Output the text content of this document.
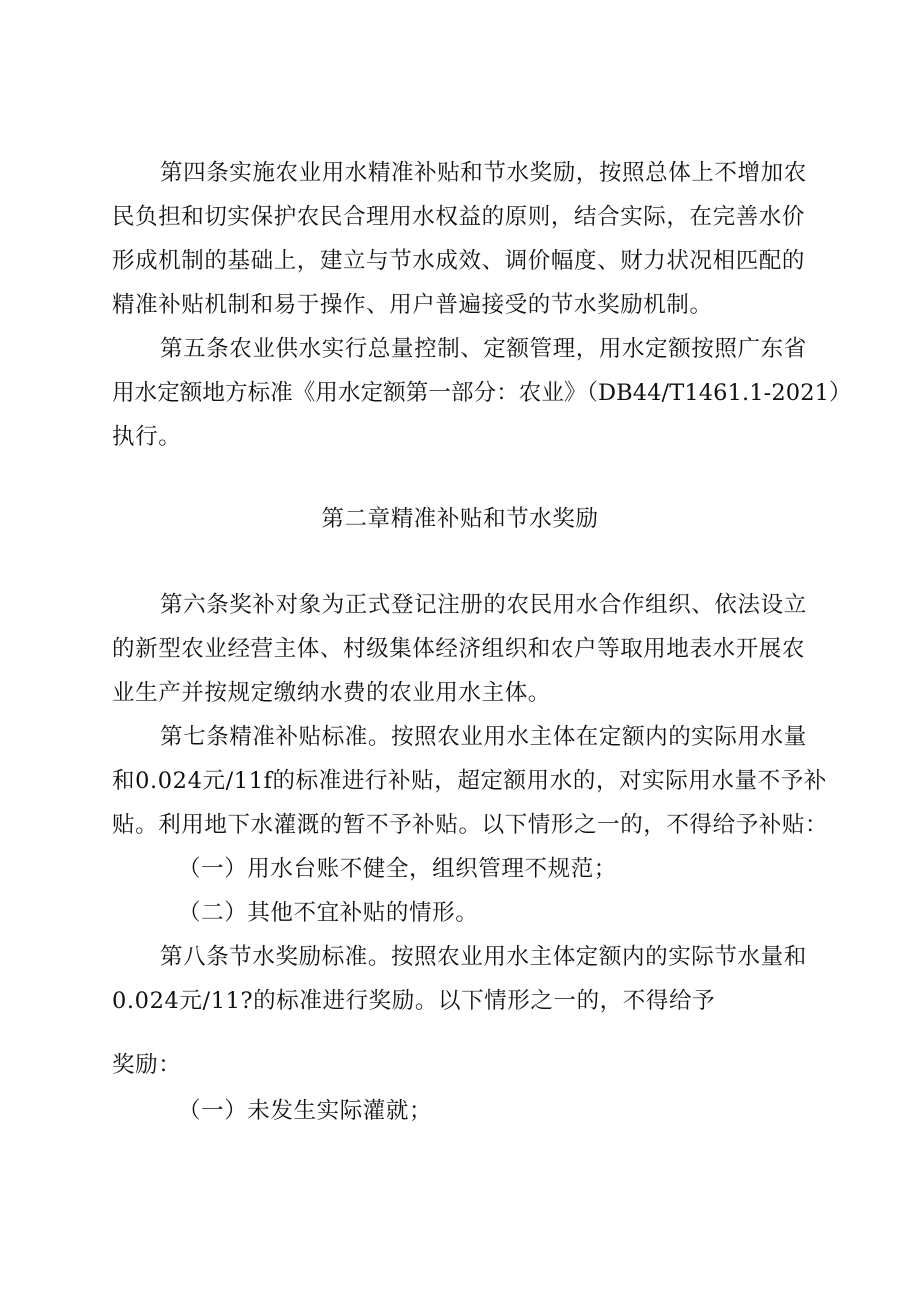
第四条实施农业用水精准补贴和节水奖励，按照总体上不增加农
民负担和切实保护农民合理用水权益的原则，结合实际，在完善水价
形成机制的基础上，建立与节水成效、调价幅度、财力状况相匹配的
精准补贴机制和易于操作、用户普遍接受的节水奖励机制。
第五条农业供水实行总量控制、定额管理，用水定额按照广东省
用水定额地方标准《用水定额第一部分：农业》（DB44/T1461.1-2021）
执行。
第二章精准补贴和节水奖励
第六条奖补对象为正式登记注册的农民用水合作组织、依法设立
的新型农业经营主体、村级集体经济组织和农户等取用地表水开展农
业生产并按规定缴纳水费的农业用水主体。
第七条精准补贴标准。按照农业用水主体在定额内的实际用水量
和0.024元/11f的标准进行补贴，超定额用水的，对实际用水量不予补
贴。利用地下水灌溉的暂不予补贴。以下情形之一的，不得给予补贴：
（一）用水台账不健全，组织管理不规范；
（二）其他不宜补贴的情形。
第八条节水奖励标准。按照农业用水主体定额内的实际节水量和
0.024元/11?的标准进行奖励。以下情形之一的，不得给予
奖励：
（一）未发生实际灌就；
